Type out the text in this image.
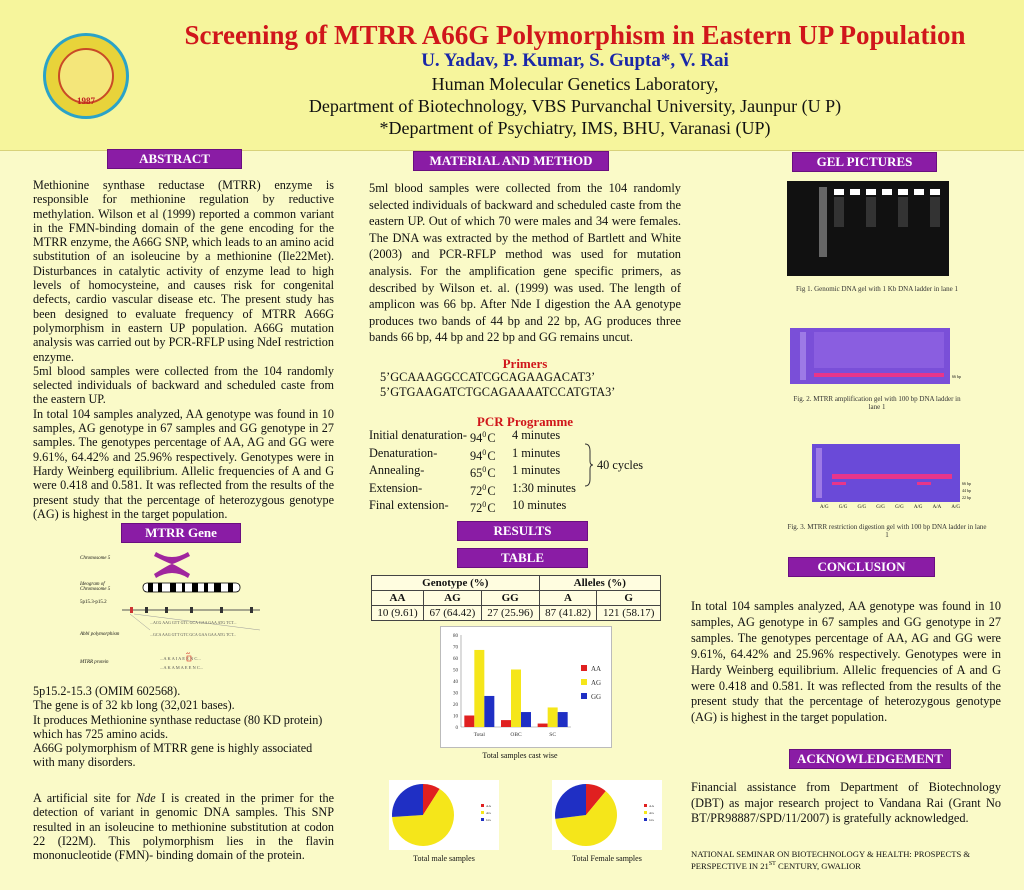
1987
Screening of MTRR A66G Polymorphism in Eastern UP Population
U. Yadav, P. Kumar, S. Gupta*, V. Rai
Human Molecular Genetics Laboratory,
Department of Biotechnology, VBS Purvanchal University, Jaunpur (U P)
*Department of Psychiatry, IMS, BHU, Varanasi (UP)
ABSTRACT
Methionine synthase reductase (MTRR) enzyme is responsible for methionine regulation by reductive methylation. Wilson et al (1999) reported a common variant in the FMN-binding domain of the gene encoding for the MTRR enzyme, the A66G SNP, which leads to an amino acid substitution of an isoleucine by a methionine (Ile22Met). Disturbances in catalytic activity of enzyme lead to high levels of homocysteine, and causes risk for congenital defects, cardio vascular disease etc. The present study has been designed to evaluate frequency of MTRR A66G polymorphism in eastern UP population. A66G mutation analysis was carried out by PCR-RFLP using NdeI restriction enzyme.
5ml blood samples were collected from the 104 randomly selected individuals of backward and scheduled caste from the eastern UP.
In total 104 samples analyzed, AA genotype was found in 10 samples, AG genotype in 67 samples and GG genotype in 27 samples. The genotypes percentage of AA, AG and GG were 9.61%, 64.42% and 25.96% respectively. Genotypes were in Hardy Weinberg equilibrium. Allelic frequencies of A and G were 0.418 and 0.581. It was reflected from the results of the present study that the percentage of heterozygous genotype (AG) is highest in the target population.
MTRR Gene
Chromosome 5
Ideogram of Chromosome 5
5p15.3-p15.2
...ACG AAG GTT GTC GCA GAA GAA ATG TCT...
...GCA AAG GTT GTC GCA GAA GAA ATG TCT...
Abbl polymorphism
MTRR protein
...A K A I A E E N C...
...A K A M A E E N C...
22
5p15.2-15.3 (OMIM 602568).
The gene is of 32 kb long (32,021 bases).
It produces Methionine synthase reductase (80 KD protein) which has 725 amino acids.
A66G polymorphism of MTRR gene is highly associated with many disorders.
A artificial site for Nde I is created in the primer for the detection of variant in genomic DNA samples. This SNP resulted in an isoleucine to methionine substitution at codon 22 (I22M). This polymorphism lies in the flavin mononucleotide (FMN)- binding domain of the protein.
MATERIAL AND METHOD
5ml blood samples were collected from the 104 randomly selected individuals of backward and scheduled caste from the eastern UP. Out of which 70 were males and 34 were females. The DNA was extracted by the method of Bartlett and White (2003) and PCR-RFLP method was used for mutation analysis. For the amplification gene specific primers, as described by Wilson et. al. (1999) was used. The length of amplicon was 66 bp. After Nde I digestion the AA genotype produces two bands of 44 bp and 22 bp, AG produces three bands 66 bp, 44 bp and 22 bp and GG remains uncut.
Primers
5’GCAAAGGCCATCGCAGAAGACAT3’
5’GTGAAGATCTGCAGAAAATCCATGTA3’
PCR Programme
Initial denaturation- $94^0$ C	4 minutes
Denaturation-	$94^0$ C	1 minutes
Annealing-	$65^0$ C	1 minutes
Extension-	$72^0$ C	1:30 minutes
Final extension-	$72^0$ C	10 minutes
40 cycles
RESULTS
TABLE
Genotype (%)			Alleles (%)	
AA	AG	GG	A	G
10 (9.61)	67 (64.42)	27 (25.96)	87 (41.82)	121 (58.17)
0
10
20
30
40
50
60
70
80
Total	OBC	SC
AA
AG
GG
Total samples cast wise
AA
AG
GG
Total male samples
AA
AG
GG
Total Female samples
GEL PICTURES
Fig 1. Genomic DNA gel with 1 Kb DNA ladder in lane 1
66 bp
Fig. 2. MTRR amplification gel with 100 bp DNA ladder in lane 1
66 bp
44 bp
22 bp
A/G G/G G/G G/G G/G A/G A/A A/G
Fig. 3. MTRR restriction digestion gel with 100 bp DNA ladder in lane 1
CONCLUSION
In total 104 samples analyzed, AA genotype was found in 10 samples, AG genotype in 67 samples and GG genotype in 27 samples. The genotypes percentage of AA, AG and GG were 9.61%, 64.42% and 25.96% respectively. Genotypes were in Hardy Weinberg equilibrium. Allelic frequencies of A and G were 0.418 and 0.581. It was reflected from the results of the present study that the percentage of heterozygous genotype (AG) is highest in the target population.
ACKNOWLEDGEMENT
Financial assistance from Department of Biotechnology (DBT) as major research project to Vandana Rai (Grant No BT/PR98887/SPD/11/2007) is gratefully acknowledged.
NATIONAL SEMINAR ON BIOTECHNOLOGY & HEALTH: PROSPECTS &
PERSPECTIVE IN 21ST CENTURY, GWALIOR
